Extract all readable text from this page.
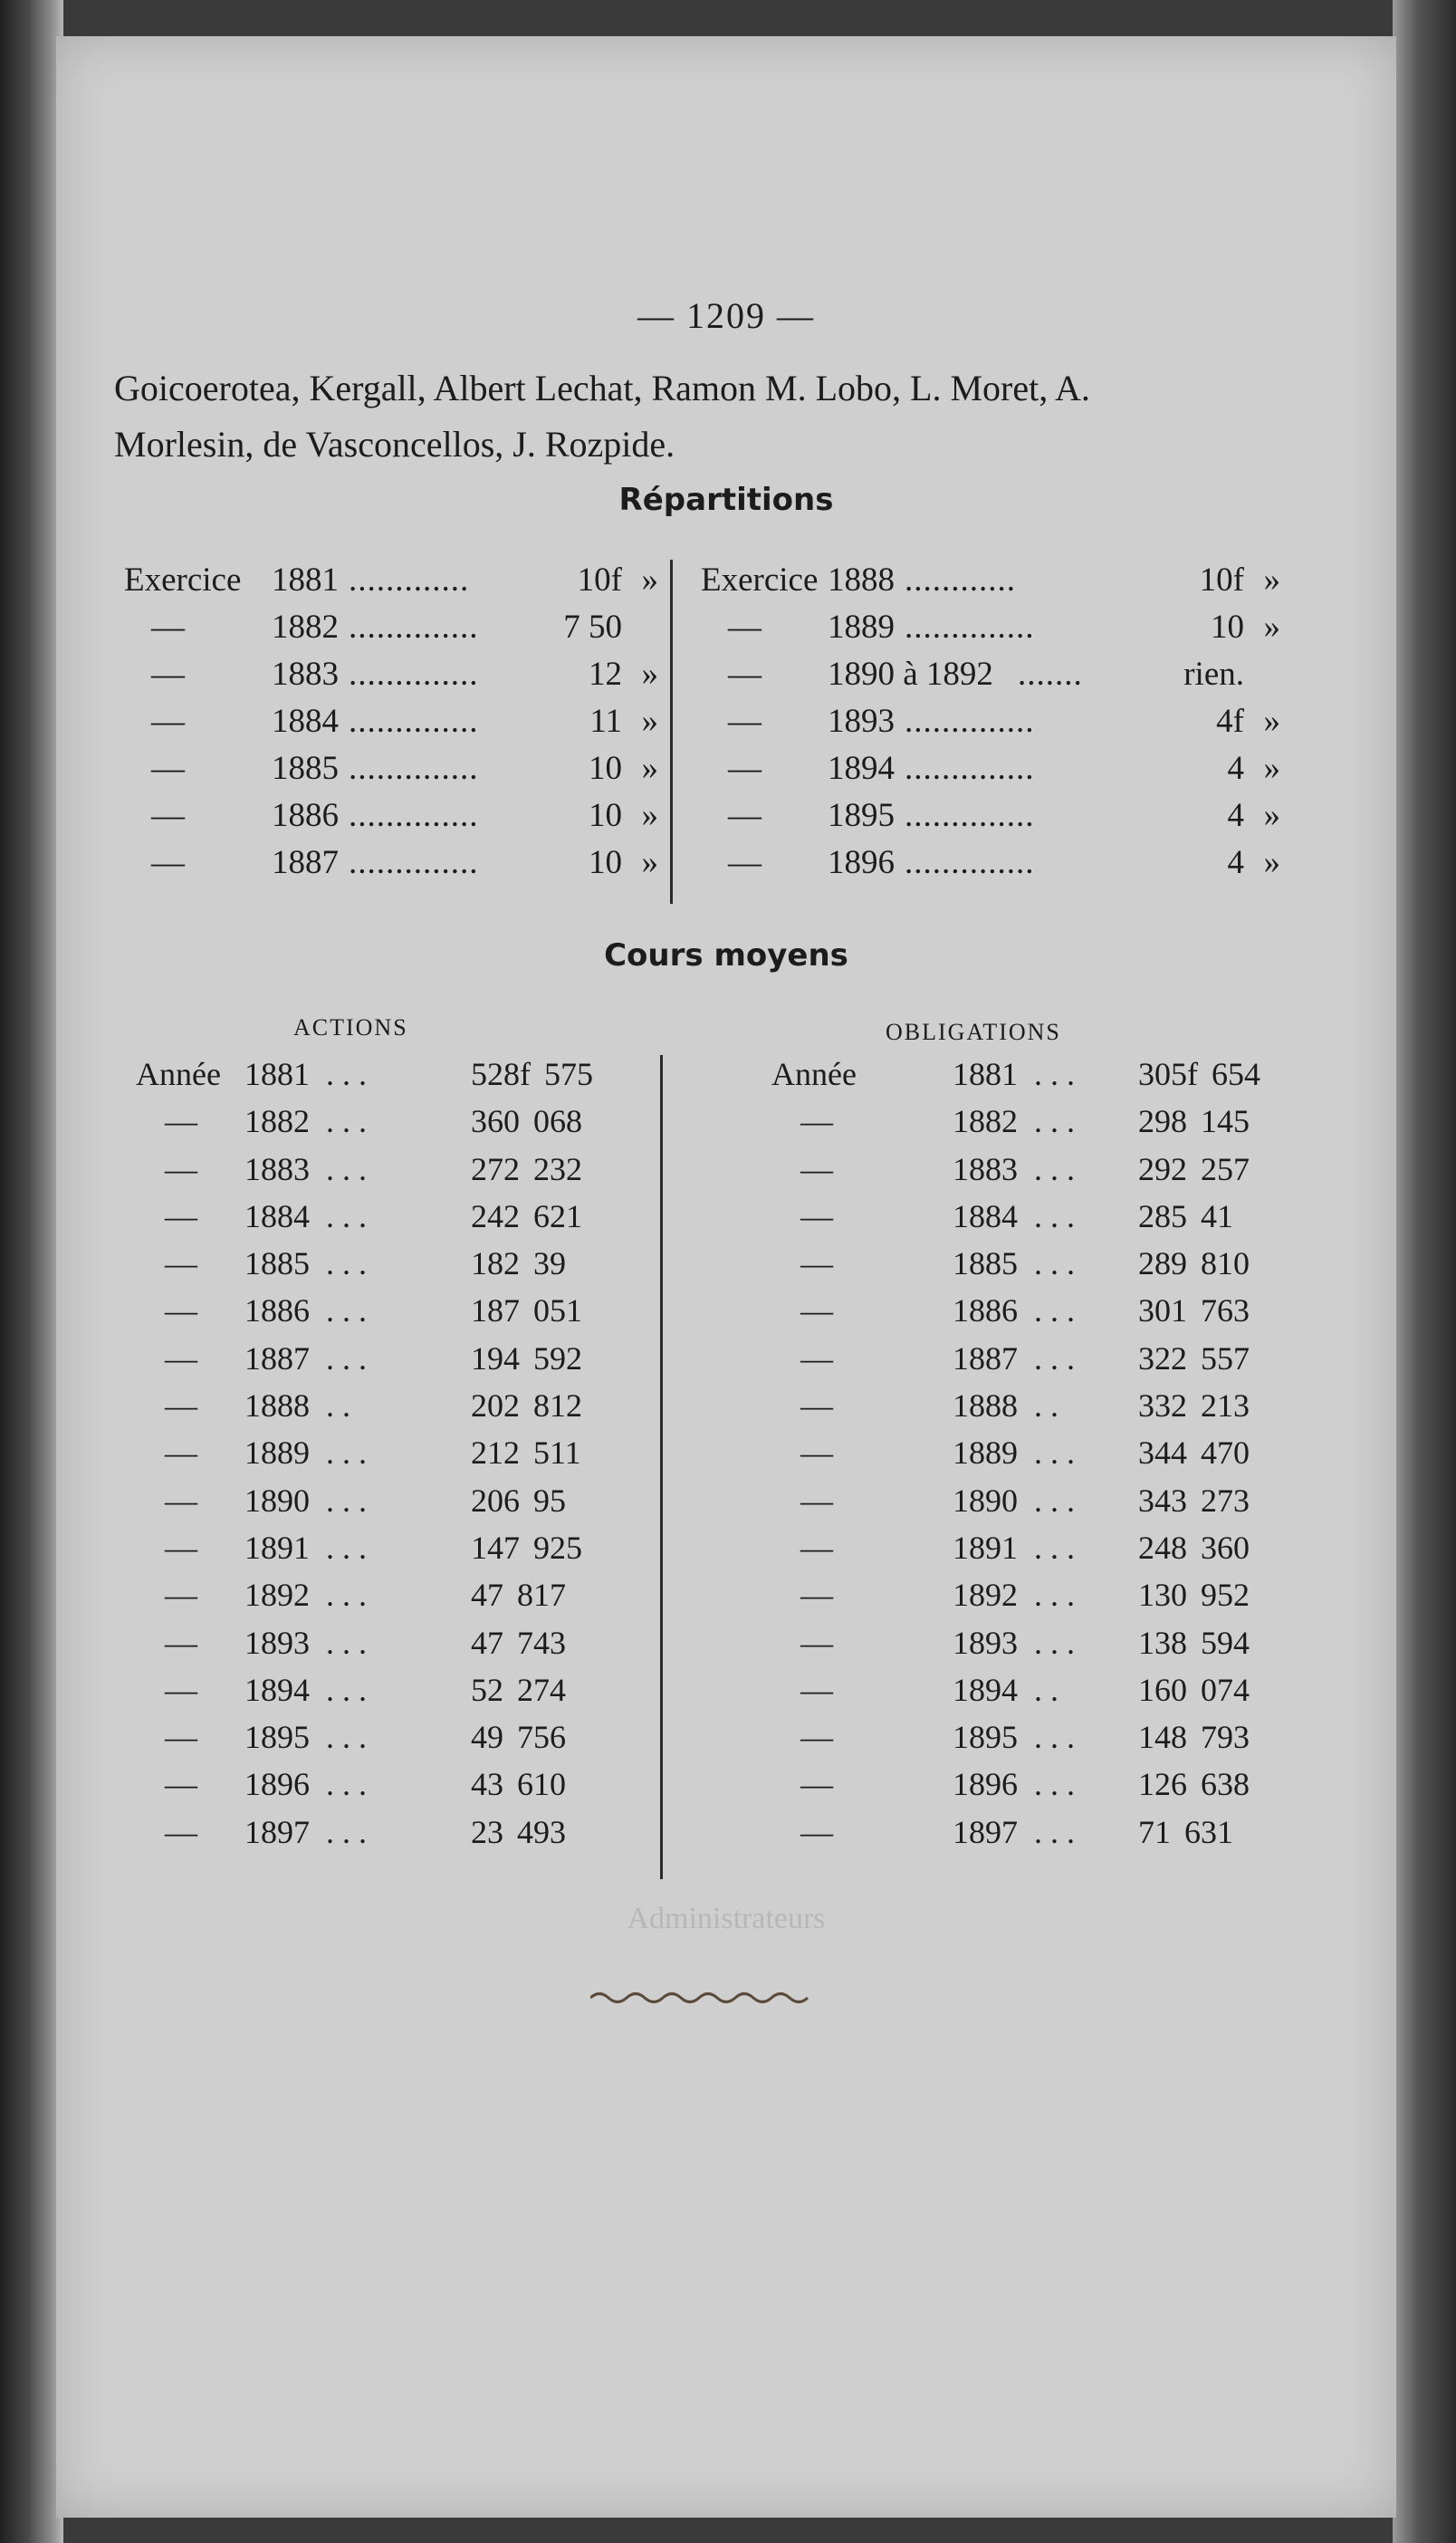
— 1209 —
Goicoerotea, Kergall, Albert Lechat, Ramon M. Lobo, L. Moret, A.
Morlesin, de Vasconcellos, J. Rozpide.
Répartitions
Exercice 1881 .............	10f »
—	1882 ..............	7 50
—	1883 ..............	12 »
—	1884 ..............	11 »
—	1885 ..............	10 »
—	1886 ..............	10 »
—	1887 ..............	10 »
Exercice 1888 ............	10f »
— 1889 ..............	10 »
— 1890 à 1892 .......	rien.
— 1893 ..............	4f »
— 1894 ..............	4 »
— 1895 ..............	4 »
— 1896 ..............	4 »
Cours moyens
ACTIONS	OBLIGATIONS
Année 1881 . . .	528f 575
— 1882 . . .	360 068
— 1883 . . .	272 232
— 1884 . . .	242 621
— 1885 . . .	182 39
— 1886 . . .	187 051
— 1887 . . .	194 592
— 1888 . .	202 812
— 1889 . . .	212 511
— 1890 . . .	206 95
— 1891 . . .	147 925
— 1892 . . .	47 817
— 1893 . . .	47 743
— 1894 . . .	52 274
— 1895 . . .	49 756
— 1896 . . .	43 610
— 1897 . . .	23 493
Année	1881 . . . 305f 654
—	1882 . . . 298 145
—	1883 . . . 292 257
—	1884 . . . 285 41
—	1885 . . . 289 810
—	1886 . . . 301 763
—	1887 . . . 322 557
—	1888 . . 332 213
—	1889 . . . 344 470
—	1890 . . . 343 273
—	1891 . . . 248 360
—	1892 . . . 130 952
—	1893 . . . 138 594
—	1894 . . 160 074
—	1895 . . . 148 793
—	1896 . . . 126 638
—	1897 . . . 71 631
Administrateurs
